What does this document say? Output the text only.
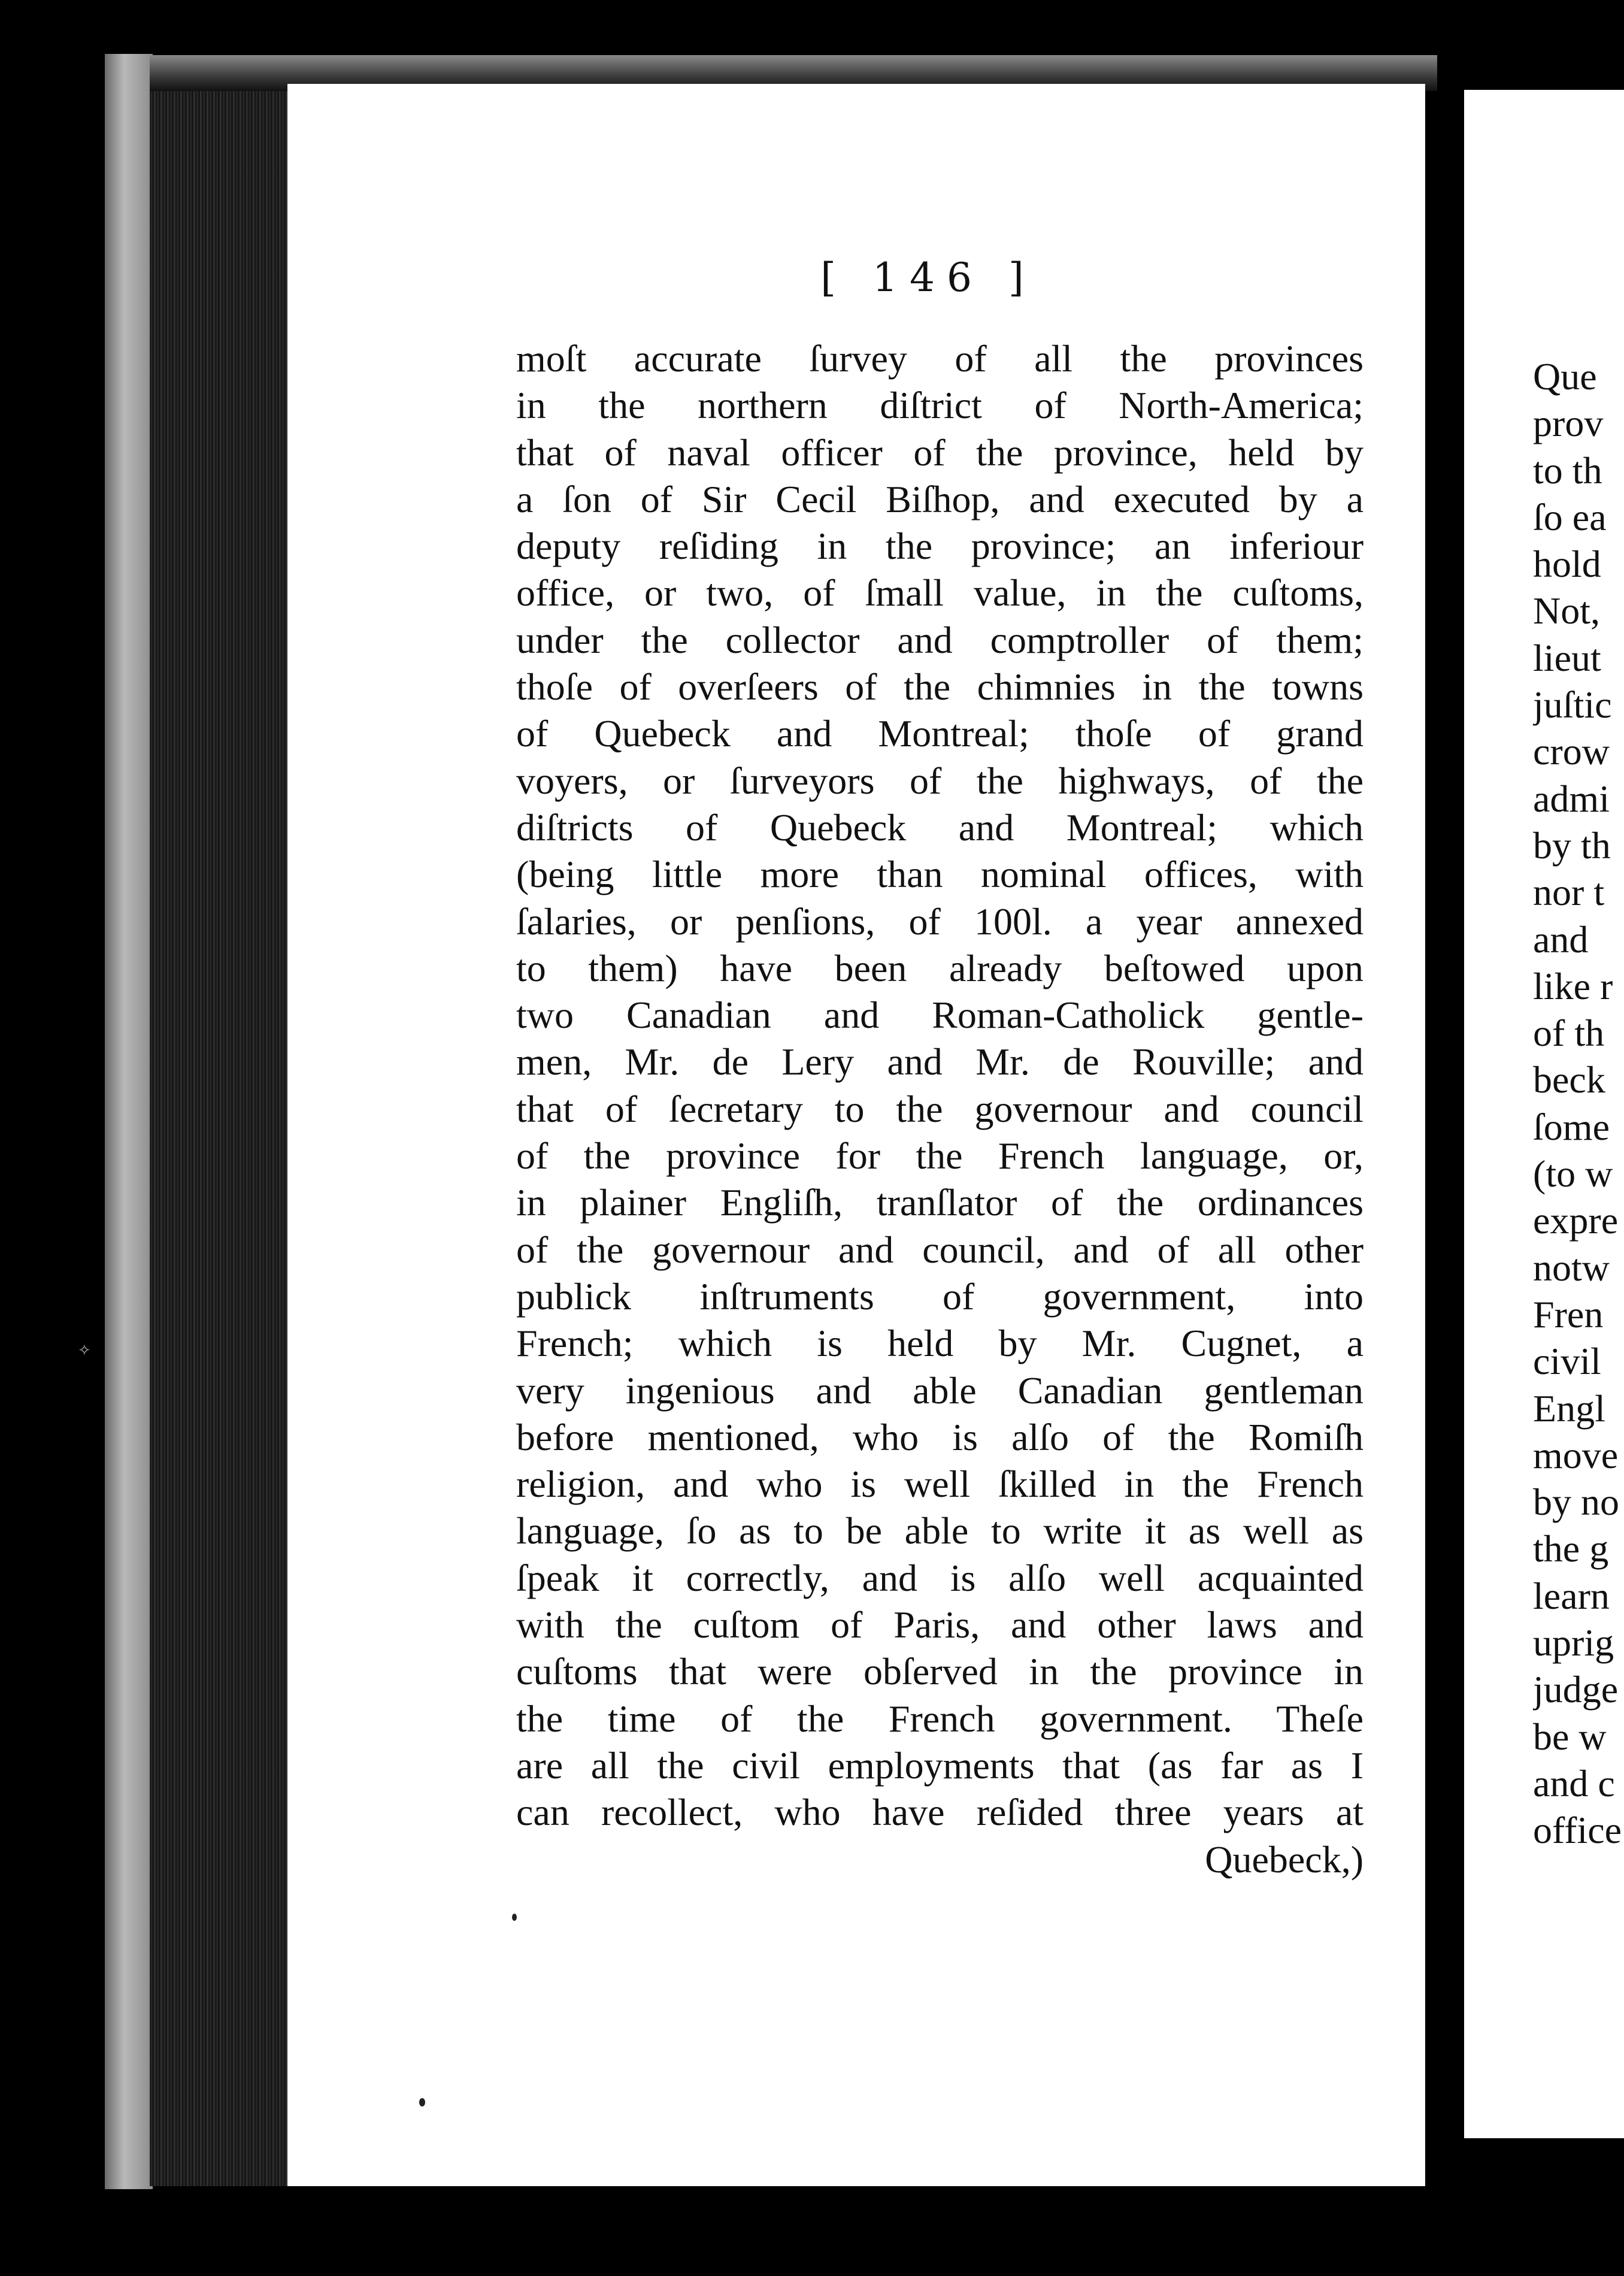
[ 146 ]
moſt accurate ſurvey of all the provinces
in the northern diſtrict of North-America;
that of naval officer of the province, held by
a ſon of Sir Cecil Biſhop, and executed by a
deputy reſiding in the province; an inferiour
office, or two, of ſmall value, in the cuſtoms,
under the collector and comptroller of them;
thoſe of overſeers of the chimnies in the towns
of Quebeck and Montreal; thoſe of grand
voyers, or ſurveyors of the highways, of the
diſtricts of Quebeck and Montreal; which
(being little more than nominal offices, with
ſalaries, or penſions, of 100l. a year annexed
to them) have been already beſtowed upon
two Canadian and Roman-Catholick gentle-
men, Mr. de Lery and Mr. de Rouville; and
that of ſecretary to the governour and council
of the province for the French language, or,
in plainer Engliſh, tranſlator of the ordinances
of the governour and council, and of all other
publick inſtruments of government, into
French; which is held by Mr. Cugnet, a
very ingenious and able Canadian gentleman
before mentioned, who is alſo of the Romiſh
religion, and who is well ſkilled in the French
language, ſo as to be able to write it as well as
ſpeak it correctly, and is alſo well acquainted
with the cuſtom of Paris, and other laws and
cuſtoms that were obſerved in the province in
the time of the French government. Theſe
are all the civil employments that (as far as I
can recollect, who have reſided three years at
Quebeck,)
Que
prov
to th
ſo ea
hold
Not,
lieut
juſtic
crow
admi
by th
nor t
and
like r
of th
beck
ſome
(to w
expre
notw
Fren
civil
Engl
move
by no
the g
learn
uprig
judge
be w
and c
office
✧
